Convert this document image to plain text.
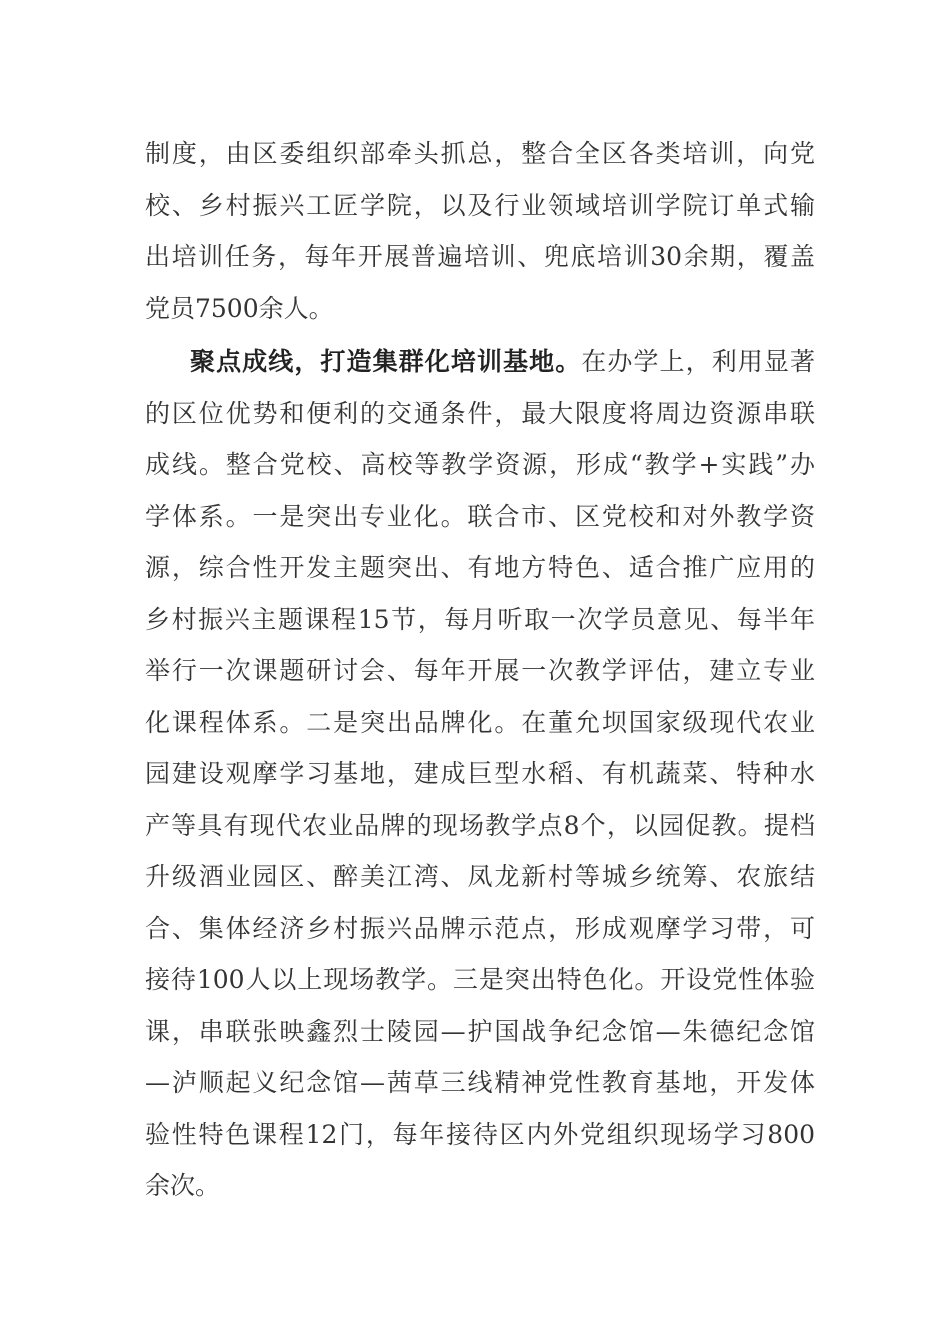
制度，由区委组织部牵头抓总，整合全区各类培训，向党
校、乡村振兴工匠学院，以及行业领域培训学院订单式输
出培训任务，每年开展普遍培训、兜底培训30余期，覆盖
党员7500余人。
聚点成线，打造集群化培训基地。在办学上，利用显著
的区位优势和便利的交通条件，最大限度将周边资源串联
成线。整合党校、高校等教学资源，形成“教学+实践”办
学体系。一是突出专业化。联合市、区党校和对外教学资
源，综合性开发主题突出、有地方特色、适合推广应用的
乡村振兴主题课程15节，每月听取一次学员意见、每半年
举行一次课题研讨会、每年开展一次教学评估，建立专业
化课程体系。二是突出品牌化。在董允坝国家级现代农业
园建设观摩学习基地，建成巨型水稻、有机蔬菜、特种水
产等具有现代农业品牌的现场教学点8个，以园促教。提档
升级酒业园区、醉美江湾、凤龙新村等城乡统筹、农旅结
合、集体经济乡村振兴品牌示范点，形成观摩学习带，可
接待100人以上现场教学。三是突出特色化。开设党性体验
课，串联张映鑫烈士陵园—护国战争纪念馆—朱德纪念馆
—泸顺起义纪念馆—茜草三线精神党性教育基地，开发体
验性特色课程12门，每年接待区内外党组织现场学习800
余次。
